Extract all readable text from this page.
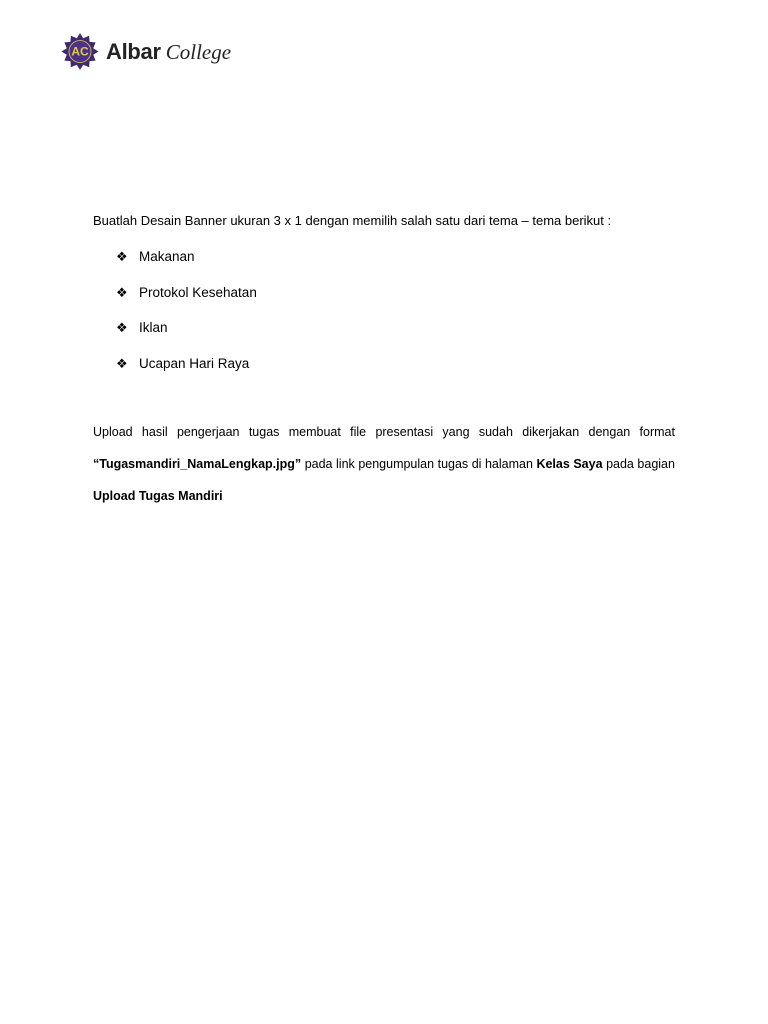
AC Albar College

Buatlah Desain Banner ukuran 3 x 1 dengan memilih salah satu dari tema – tema berikut :

❖ Makanan
❖ Protokol Kesehatan
❖ Iklan
❖ Ucapan Hari Raya
Upload hasil pengerjaan tugas membuat file presentasi yang sudah dikerjakan dengan format
“Tugasmandiri_NamaLengkap.jpg” pada link pengumpulan tugas di halaman Kelas Saya pada bagian
Upload Tugas Mandiri
